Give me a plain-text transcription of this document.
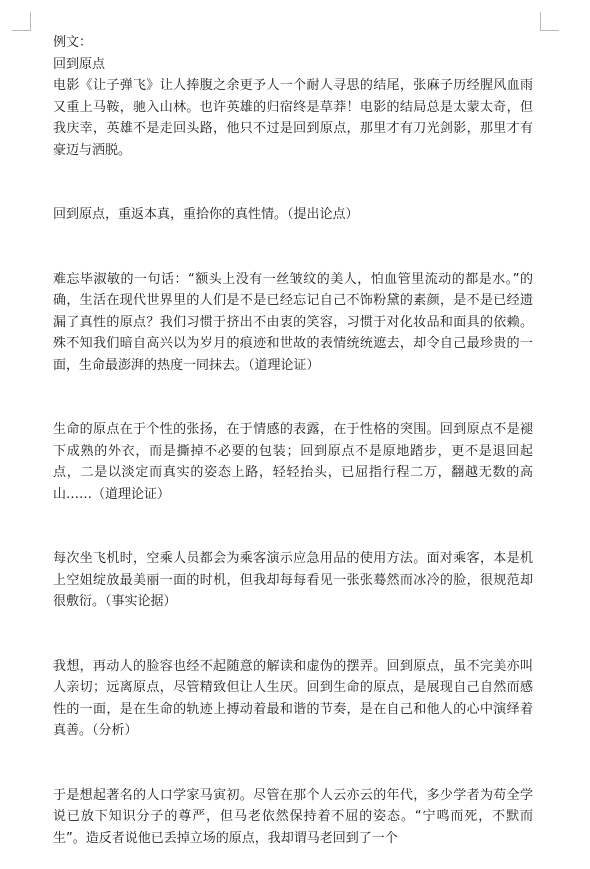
例文：

回到原点

电影《让子弹飞》让人捧腹之余更予人一个耐人寻思的结尾，张麻子历经腥风血雨又重上马鞍，驰入山林。也许英雄的归宿终是草莽！电影的结局总是太蒙太奇，但我庆幸，英雄不是走回头路，他只不过是回到原点，那里才有刀光剑影，那里才有豪迈与洒脱。

回到原点，重返本真，重拾你的真性情。（提出论点）

难忘毕淑敏的一句话：“额头上没有一丝皱纹的美人，怕血管里流动的都是水。”的确，生活在现代世界里的人们是不是已经忘记自己不饰粉黛的素颜，是不是已经遗漏了真性的原点？我们习惯于挤出不由衷的笑容，习惯于对化妆品和面具的依赖。殊不知我们暗自高兴以为岁月的痕迹和世故的表情统统遮去，却令自己最珍贵的一面，生命最澎湃的热度一同抹去。（道理论证）

生命的原点在于个性的张扬，在于情感的表露，在于性格的突围。回到原点不是褪下成熟的外衣，而是撕掉不必要的包装；回到原点不是原地踏步，更不是退回起点，二是以淡定而真实的姿态上路，轻轻抬头，已屈指行程二万，翻越无数的高山……（道理论证）

每次坐飞机时，空乘人员都会为乘客演示应急用品的使用方法。面对乘客，本是机上空姐绽放最美丽一面的时机，但我却每每看见一张张蓦然而冰冷的脸，很规范却很敷衍。（事实论据）

我想，再动人的脸容也经不起随意的解读和虚伪的摆弄。回到原点，虽不完美亦叫人亲切；远离原点，尽管精致但让人生厌。回到生命的原点，是展现自己自然而感性的一面，是在生命的轨迹上搏动着最和谐的节奏，是在自己和他人的心中演绎着真善。（分析）

于是想起著名的人口学家马寅初。尽管在那个人云亦云的年代，多少学者为苟全学说已放下知识分子的尊严，但马老依然保持着不屈的姿态。“宁鸣而死，不默而生”。造反者说他已丢掉立场的原点，我却谓马老回到了一个
